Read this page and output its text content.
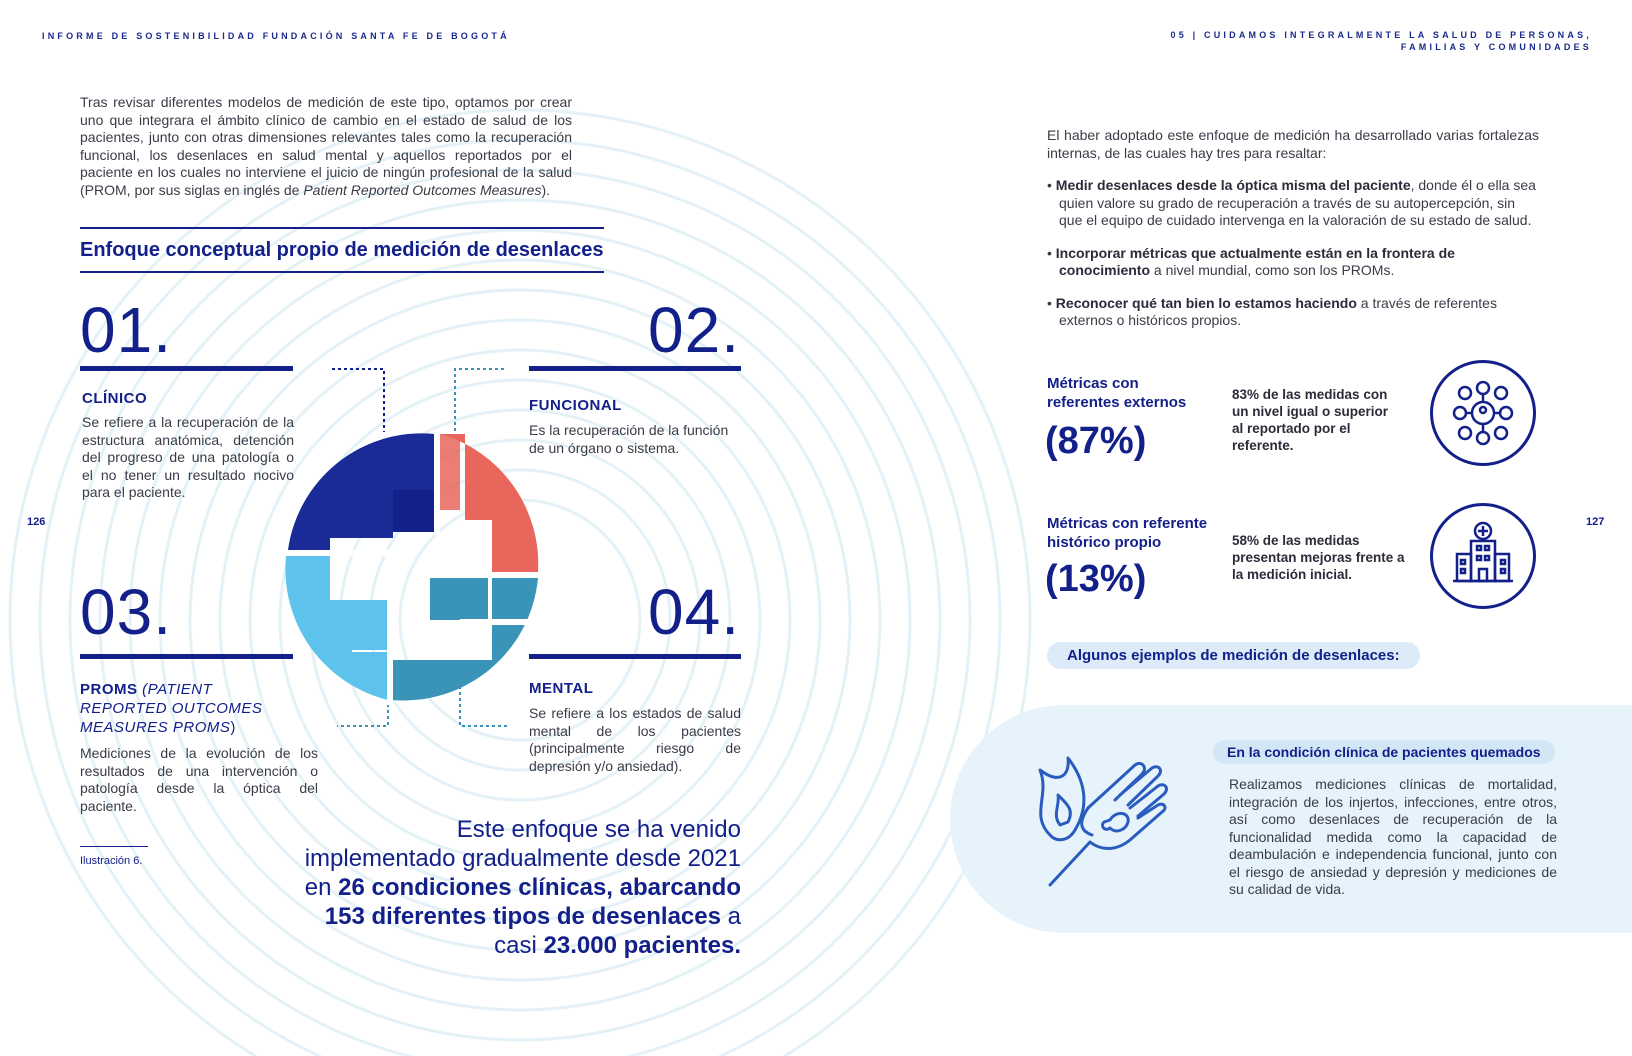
INFORME DE SOSTENIBILIDAD FUNDACIÓN SANTA FE DE BOGOTÁ	05 | CUIDAMOS INTEGRALMENTE LA SALUD DE PERSONAS,
FAMILIAS Y COMUNIDADES
126	127
Tras revisar diferentes modelos de medición de este tipo, optamos por crear uno que integrara el ámbito clínico de cambio en el estado de salud de los pacientes, junto con otras dimensiones relevantes tales como la recuperación funcional, los desenlaces en salud mental y aquellos reportados por el paciente en los cuales no interviene el juicio de ningún profesional de la salud (PROM, por sus siglas en inglés de Patient Reported Outcomes Measures).
Enfoque conceptual propio de medición de desenlaces
01.
CLÍNICO
Se refiere a la recuperación de la estructura anatómica, detención del progreso de una patología o el no tener un resultado nocivo para el paciente.
02.
FUNCIONAL
Es la recuperación de la función de un órgano o sistema.
03.
PROMS (PATIENT REPORTED OUTCOMES MEASURES PROMS)
Mediciones de la evolución de los resultados de una intervención o patología desde la óptica del paciente.
04.
MENTAL
Se refiere a los estados de salud mental de los pacientes (principalmente riesgo de depresión y/o ansiedad).
Ilustración 6.
Este enfoque se ha venido implementado gradualmente desde 2021 en 26 condiciones clínicas, abarcando 153 diferentes tipos de desenlaces a casi 23.000 pacientes.
El haber adoptado este enfoque de medición ha desarrollado varias fortalezas internas, de las cuales hay tres para resaltar:
• Medir desenlaces desde la óptica misma del paciente, donde él o ella sea quien valore su grado de recuperación a través de su autopercepción, sin que el equipo de cuidado intervenga en la valoración de su estado de salud.
• Incorporar métricas que actualmente están en la frontera de conocimiento a nivel mundial, como son los PROMs.
• Reconocer qué tan bien lo estamos haciendo a través de referentes externos o históricos propios.
Métricas con referentes externos
(87%)
83% de las medidas con un nivel igual o superior al reportado por el referente.
Métricas con referente histórico propio
(13%)
58% de las medidas presentan mejoras frente a la medición inicial.
Algunos ejemplos de medición de desenlaces:
En la condición clínica de pacientes quemados
Realizamos mediciones clínicas de mortalidad, integración de los injertos, infecciones, entre otros, así como desenlaces de recuperación de la funcionalidad medida como la capacidad de deambulación e independencia funcional, junto con el riesgo de ansiedad y depresión y mediciones de su calidad de vida.
